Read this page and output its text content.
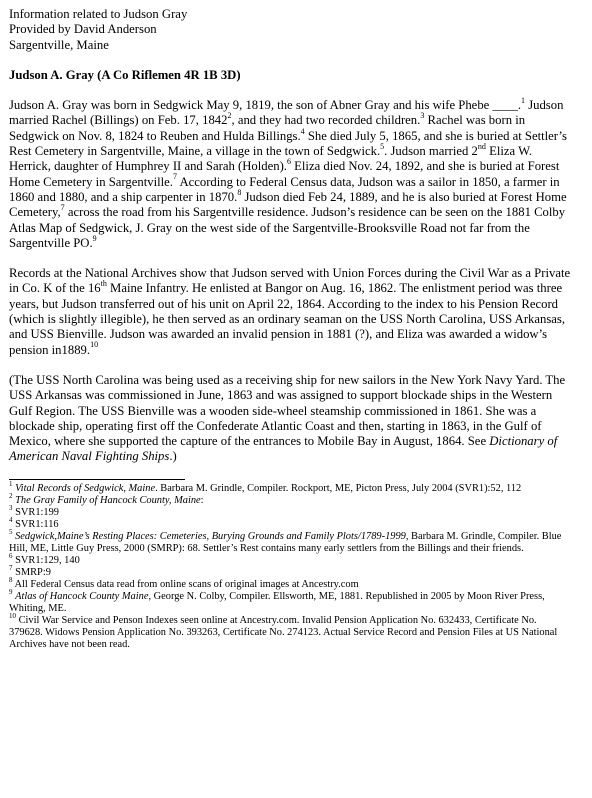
Information related to Judson Gray

Provided by David Anderson

Sargentville, Maine

Judson A. Gray (A Co Riflemen 4R 1B 3D)

Judson A. Gray was born in Sedgwick May 9, 1819, the son of Abner Gray and his wife Phebe ____.$^1$ Judson married Rachel (Billings) on Feb. 17, 1842$^2$, and they had two recorded children.$^3$ Rachel was born in Sedgwick on Nov. 8, 1824 to Reuben and Hulda Billings.$^4$ She died July 5, 1865, and she is buried at Settler’s Rest Cemetery in Sargentville, Maine, a village in the town of Sedgwick.$^5$. Judson married 2nd Eliza W. Herrick, daughter of Humphrey II and Sarah (Holden).$^6$ Eliza died Nov. 24, 1892, and she is buried at Forest Home Cemetery in Sargentville.$^7$ According to Federal Census data, Judson was a sailor in 1850, a farmer in 1860 and 1880, and a ship carpenter in 1870.$^8$ Judson died Feb 24, 1889, and he is also buried at Forest Home Cemetery,$^7$ across the road from his Sargentville residence. Judson’s residence can be seen on the 1881 Colby Atlas Map of Sedgwick, J. Gray on the west side of the Sargentville-Brooksville Road not far from the Sargentville PO.$^9$

Records at the National Archives show that Judson served with Union Forces during the Civil War as a Private in Co. K of the 16th Maine Infantry. He enlisted at Bangor on Aug. 16, 1862. The enlistment period was three years, but Judson transferred out of his unit on April 22, 1864. According to the index to his Pension Record (which is slightly illegible), he then served as an ordinary seaman on the USS North Carolina, USS Arkansas, and USS Bienville. Judson was awarded an invalid pension in 1881 (?), and Eliza was awarded a widow’s pension in1889.10

(The USS North Carolina was being used as a receiving ship for new sailors in the New York Navy Yard. The USS Arkansas was commissioned in June, 1863 and was assigned to support blockade ships in the Western Gulf Region. The USS Bienville was a wooden side-wheel steamship commissioned in 1861. She was a blockade ship, operating first off the Confederate Atlantic Coast and then, starting in 1863, in the Gulf of Mexico, where she supported the capture of the entrances to Mobile Bay in August, 1864. See Dictionary of American Naval Fighting Ships.)

$^1$ Vital Records of Sedgwick, Maine. Barbara M. Grindle, Compiler. Rockport, ME, Picton Press, July 2004 (SVR1):52, 112

$^2$ The Gray Family of Hancock County, Maine:

$^3$ SVR1:199

$^4$ SVR1:116

$^5$ Sedgwick,Maine’s Resting Places: Cemeteries, Burying Grounds and Family Plots/1789-1999, Barbara M. Grindle, Compiler. Blue Hill, ME, Little Guy Press, 2000 (SMRP): 68. Settler’s Rest contains many early settlers from the Billings and their friends.

$^6$ SVR1:129, 140

$^7$ SMRP:9

$^8$ All Federal Census data read from online scans of original images at Ancestry.com

$^9$ Atlas of Hancock County Maine, George N. Colby, Compiler. Ellsworth, ME, 1881. Republished in 2005 by Moon River Press, Whiting, ME.

$^{10}$ Civil War Service and Penson Indexes seen online at Ancestry.com. Invalid Pension Application No. 632433, Certificate No. 379628. Widows Pension Application No. 393263, Certificate No. 274123. Actual Service Record and Pension Files at US National Archives have not been read.
